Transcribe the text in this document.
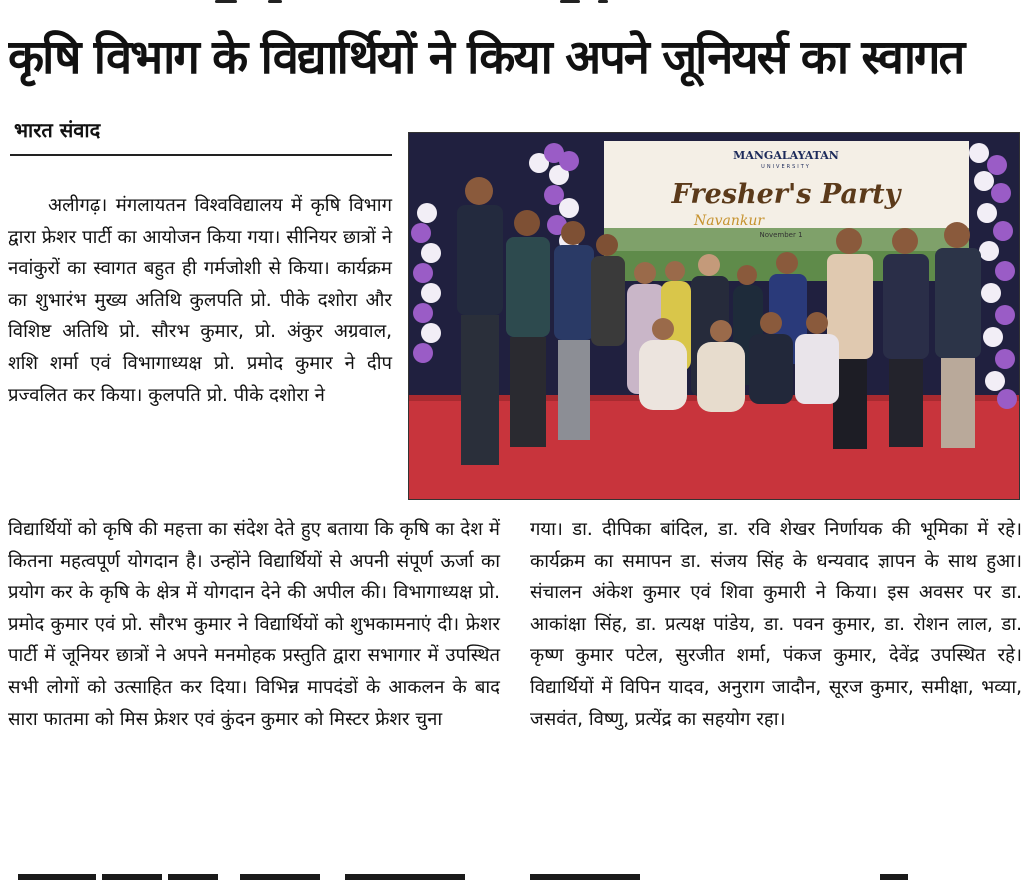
कृषि विभाग के विद्यार्थियों ने किया अपने जूनियर्स का स्वागत
भारत संवाद
अलीगढ़। मंगलायतन विश्वविद्यालय में कृषि विभाग द्वारा फ्रेशर पार्टी का आयोजन किया गया। सीनियर छात्रों ने नवांकुरों का स्वागत बहुत ही गर्मजोशी से किया। कार्यक्रम का शुभारंभ मुख्य अतिथि कुलपति प्रो. पीके दशोरा और विशिष्ट अतिथि प्रो. सौरभ कुमार, प्रो. अंकुर अग्रवाल, शशि शर्मा एवं विभागाध्यक्ष प्रो. प्रमोद कुमार ने दीप प्रज्वलित कर किया। कुलपति प्रो. पीके दशोरा ने
MANGALAYATAN
UNIVERSITY
Fresher's Party
Navankur
November 1
विद्यार्थियों को कृषि की महत्ता का संदेश देते हुए बताया कि कृषि का देश में कितना महत्वपूर्ण योगदान है। उन्होंने विद्यार्थियों से अपनी संपूर्ण ऊर्जा का प्रयोग कर के कृषि के क्षेत्र में योगदान देने की अपील की। विभागाध्यक्ष प्रो. प्रमोद कुमार एवं प्रो. सौरभ कुमार ने विद्यार्थियों को शुभकामनाएं दी। फ्रेशर पार्टी में जूनियर छात्रों ने अपने मनमोहक प्रस्तुति द्वारा सभागार में उपस्थित सभी लोगों को उत्साहित कर दिया। विभिन्न मापदंडों के आकलन के बाद सारा फातमा को मिस फ्रेशर एवं कुंदन कुमार को मिस्टर फ्रेशर चुना
गया। डा. दीपिका बांदिल, डा. रवि शेखर निर्णायक की भूमिका में रहे। कार्यक्रम का समापन डा. संजय सिंह के धन्यवाद ज्ञापन के साथ हुआ। संचालन अंकेश कुमार एवं शिवा कुमारी ने किया। इस अवसर पर डा. आकांक्षा सिंह, डा. प्रत्यक्ष पांडेय, डा. पवन कुमार, डा. रोशन लाल, डा. कृष्ण कुमार पटेल, सुरजीत शर्मा, पंकज कुमार, देवेंद्र उपस्थित रहे। विद्यार्थियों में विपिन यादव, अनुराग जादौन, सूरज कुमार, समीक्षा, भव्या, जसवंत, विष्णु, प्रत्येंद्र का सहयोग रहा।
